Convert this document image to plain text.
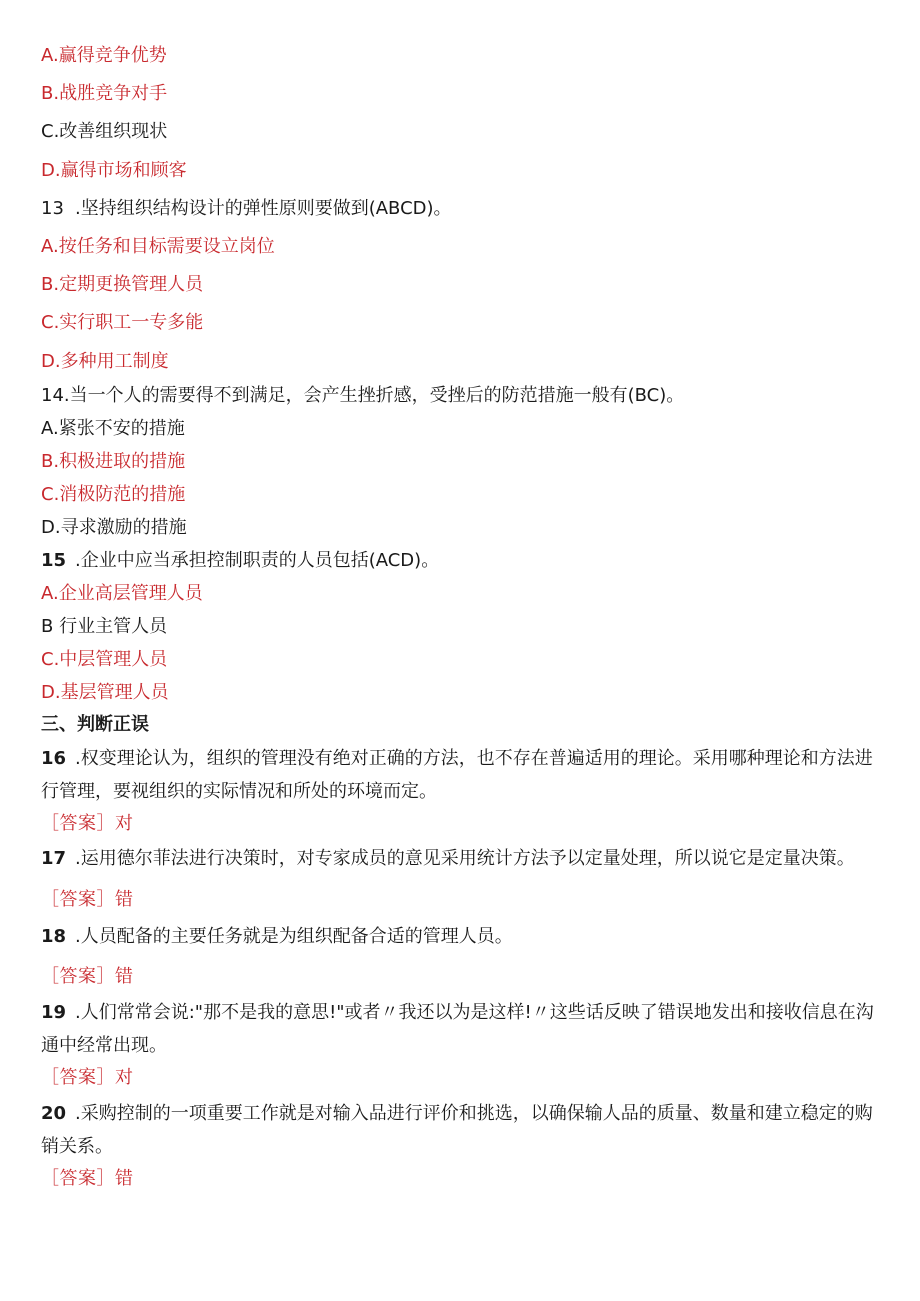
A.赢得竞争优势
B.战胜竞争对手
C.改善组织现状
D.赢得市场和顾客
13 .坚持组织结构设计的弹性原则要做到(ABCD)。
A.按任务和目标需要设立岗位
B.定期更换管理人员
C.实行职工一专多能
D.多种用工制度
14.当一个人的需要得不到满足，会产生挫折感，受挫后的防范措施一般有(BC)。
A.紧张不安的措施
B.积极进取的措施
C.消极防范的措施
D.寻求激励的措施
15 .企业中应当承担控制职责的人员包括(ACD)。
A.企业高层管理人员
B 行业主管人员
C.中层管理人员
D.基层管理人员
三、判断正误
16 .权变理论认为，组织的管理没有绝对正确的方法，也不存在普遍适用的理论。采用哪种理论和方法进行管理，要视组织的实际情况和所处的环境而定。
［答案］对
17 .运用德尔菲法进行决策时，对专家成员的意见采用统计方法予以定量处理，所以说它是定量决策。
［答案］错
18 .人员配备的主要任务就是为组织配备合适的管理人员。
［答案］错
19 .人们常常会说:"那不是我的意思!"或者〃我还以为是这样!〃这些话反映了错误地发出和接收信息在沟通中经常出现。
［答案］对
20 .采购控制的一项重要工作就是对输入品进行评价和挑选，以确保输人品的质量、数量和建立稳定的购销关系。
［答案］错
